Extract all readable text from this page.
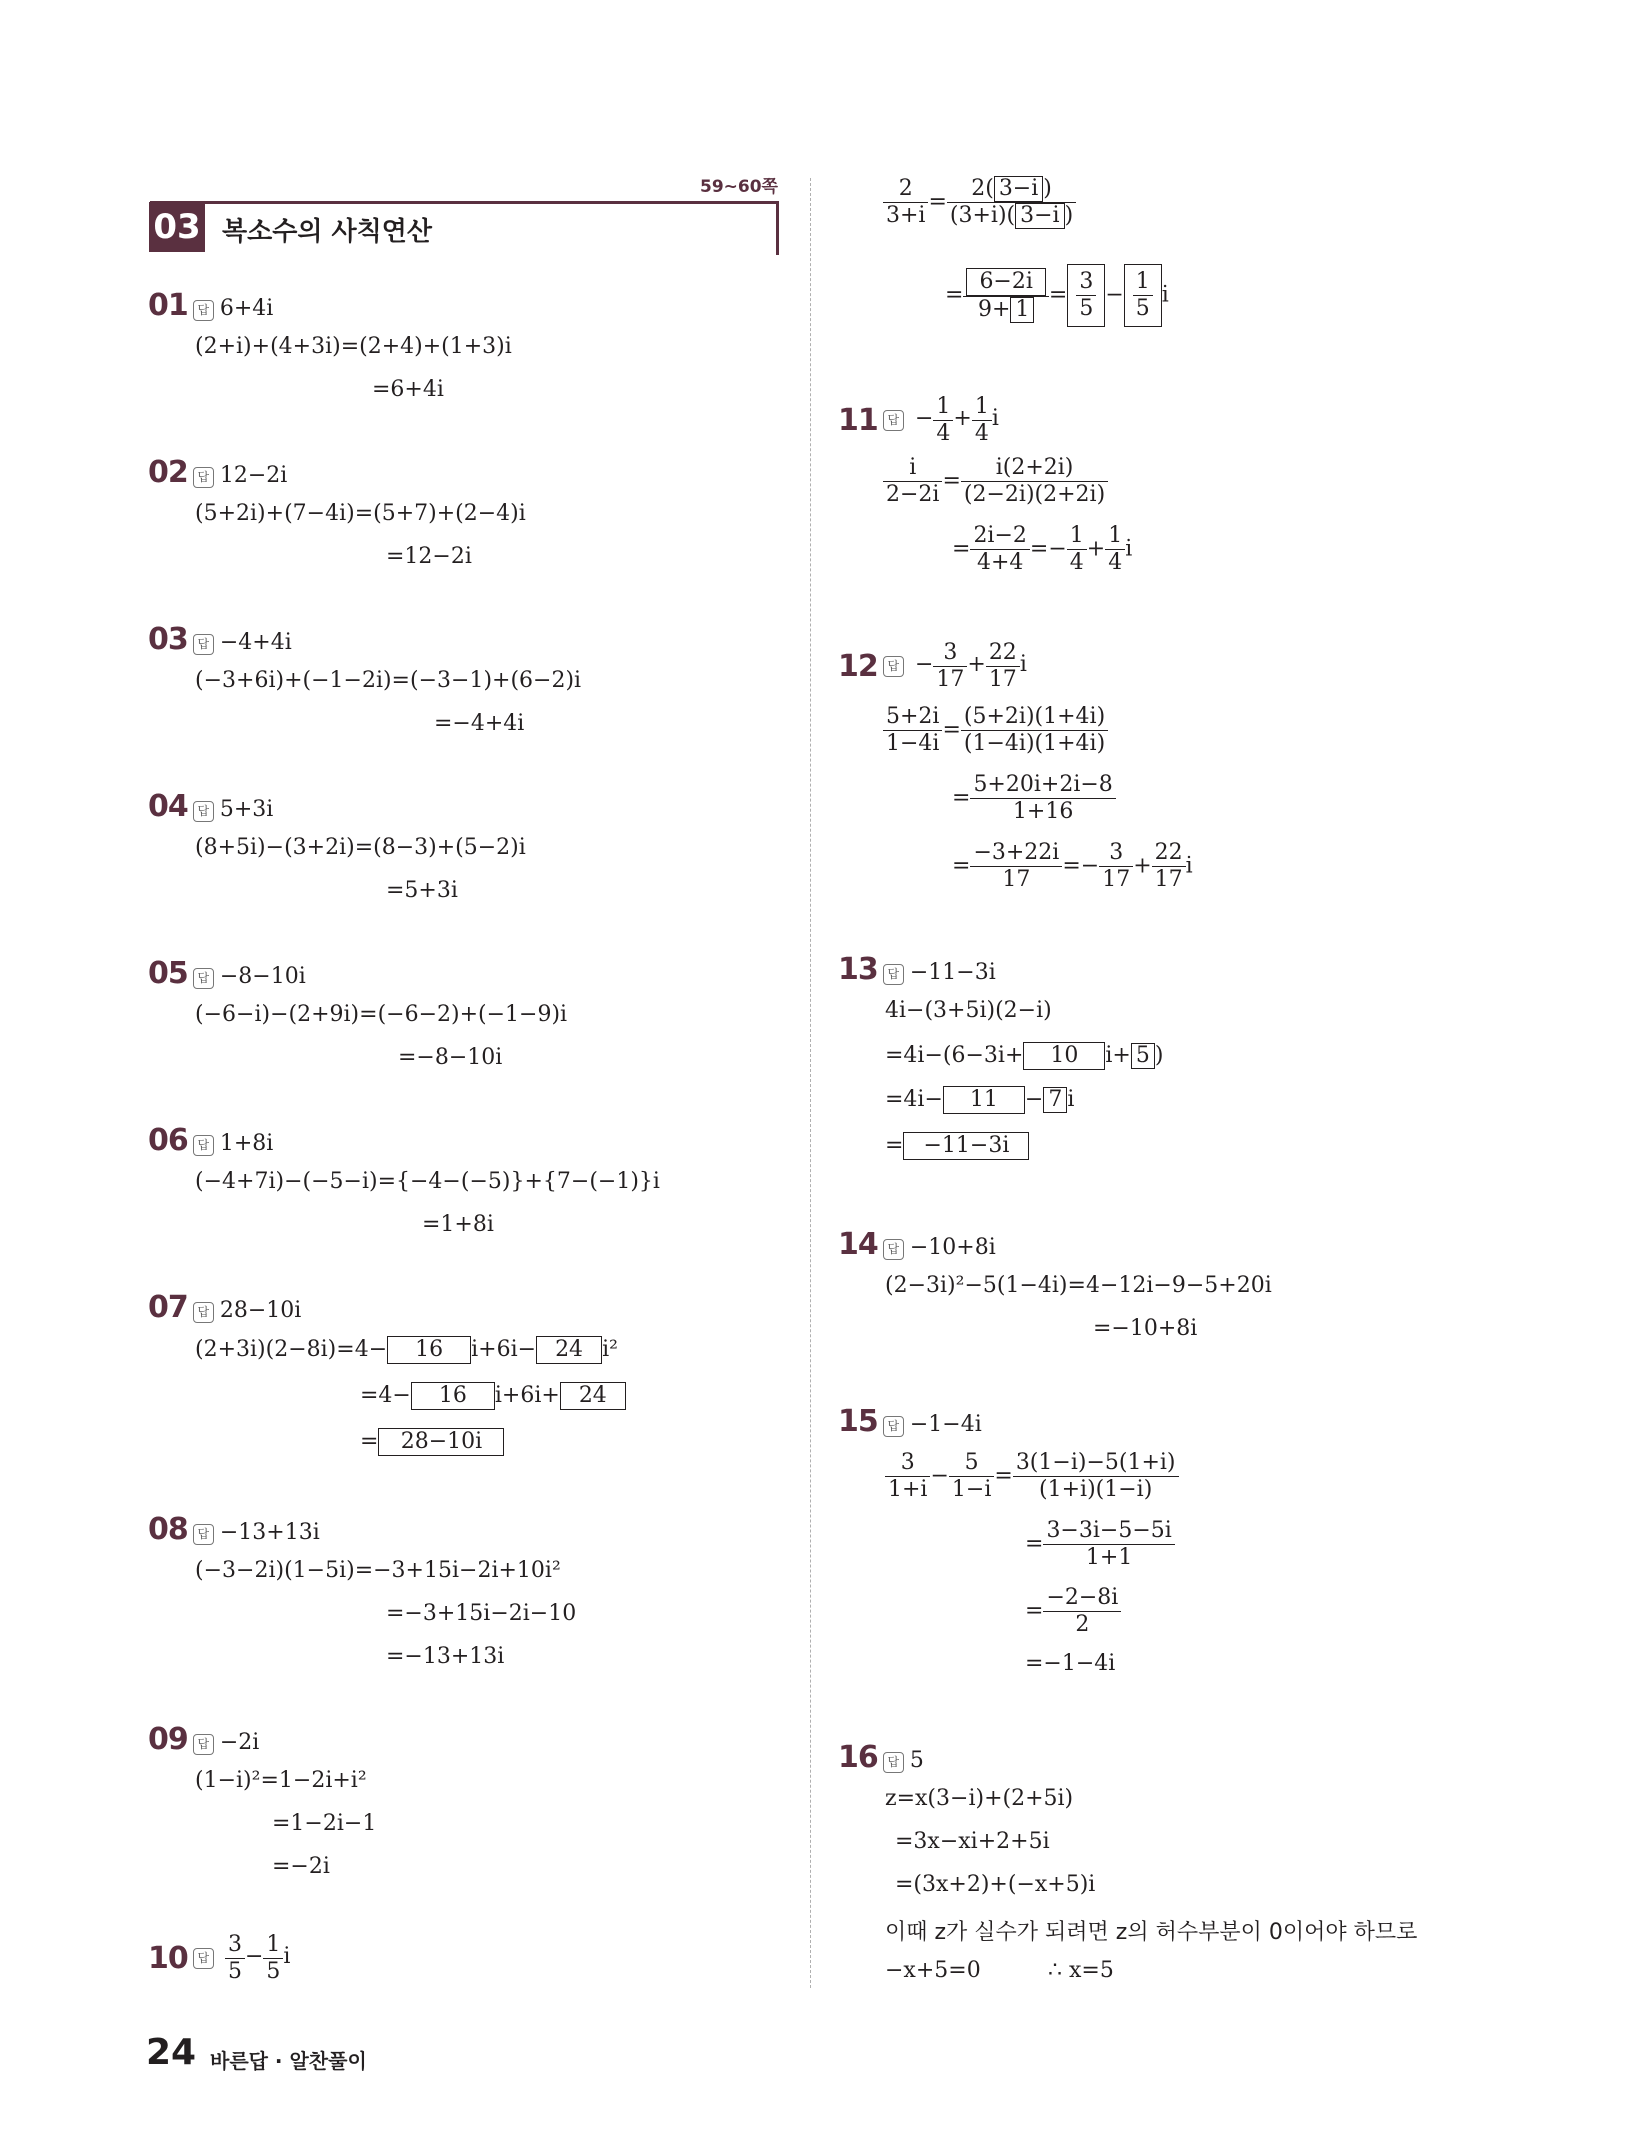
59~60쪽
03 복소수의 사칙연산
01 답 6+4i
(2+i)+(4+3i)=(2+4)+(1+3)i
=6+4i
02 답 12−2i
(5+2i)+(7−4i)=(5+7)+(2−4)i
=12−2i
03 답 −4+4i
(−3+6i)+(−1−2i)=(−3−1)+(6−2)i
=−4+4i
04 답 5+3i
(8+5i)−(3+2i)=(8−3)+(5−2)i
=5+3i
05 답 −8−10i
(−6−i)−(2+9i)=(−6−2)+(−1−9)i
=−8−10i
06 답 1+8i
(−4+7i)−(−5−i)={−4−(−5)}+{7−(−1)}i
=1+8i
07 답 28−10i
(2+3i)(2−8i)=4− 16 i+6i− 24 i²
=4− 16 i+6i+ 24
= 28−10i
08 답 −13+13i
(−3−2i)(1−5i)=−3+15i−2i+10i²
=−3+15i−2i−10
=−13+13i
09 답 −2i
(1−i)²=1−2i+i²
=1−2i−1
=−2i
10 답 $\frac{3}{5} - \frac{1}{5}$ i
$\frac{2}{3+i} = \frac{2( 3-i )}{(3+i)( 3-i )}$
= $\frac{6-2i}{9+ 1} = \frac{3}{5} - \frac{1}{5}$ i
11 답 − $\frac{1}{4} + \frac{1}{4}$ i
$\frac{i}{2-2i} = \frac{i(2+2i)}{(2-2i)(2+2i)}$
= $\frac{2i-2}{4+4} =- \frac{1}{4} + \frac{1}{4}$ i
12 답 − $\frac{3}{17} + \frac{22}{17}$ i
$\frac{5+2i}{1-4i} = \frac{(5+2i)(1+4i)}{(1-4i)(1+4i)}$
= $\frac{5+20i+2i-8}{1+16}$
= $\frac{-3+22i}{17} =- \frac{3}{17} + \frac{22}{17}$ i
13 답 −11−3i
4i−(3+5i)(2−i)
=4i−(6−3i+ 10 i+ 5 )
=4i− 11 − 7 i
= −11−3i
14 답 −10+8i
(2−3i)²−5(1−4i)=4−12i−9−5+20i
=−10+8i
15 답 −1−4i
$\frac{3}{1+i} - \frac{5}{1-i} = \frac{3(1-i)-5(1+i)}{(1+i)(1-i)}$
= $\frac{3-3i-5-5i}{1+1}$
= $\frac{-2-8i}{2}$
=−1−4i
16 답 5
z=x(3−i)+(2+5i)
=3x−xi+2+5i
=(3x+2)+(−x+5)i
이때 z가 실수가 되려면 z의 허수부분이 0이어야 하므로
−x+5=0	∴ x=5
24 바른답 · 알찬풀이
